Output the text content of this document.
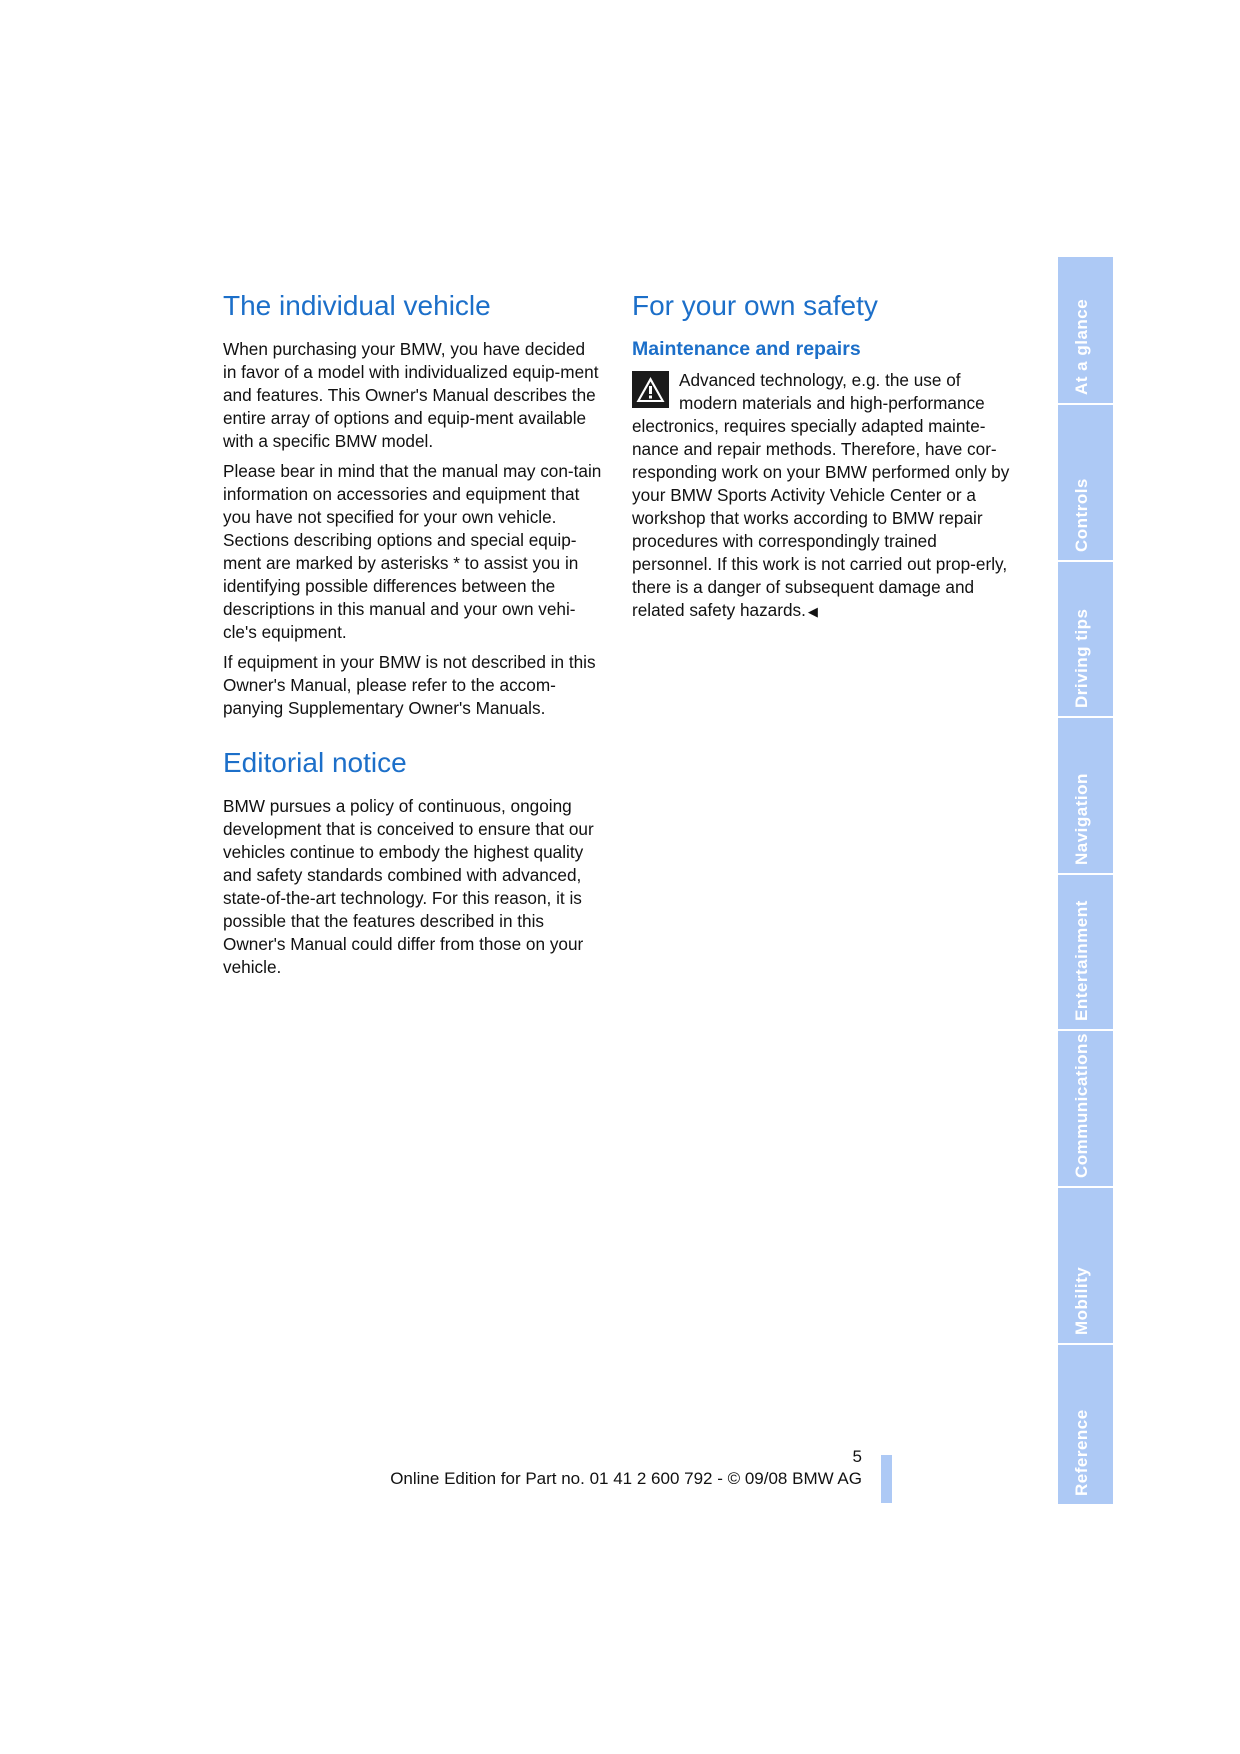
The individual vehicle

When purchasing your BMW, you have decided in favor of a model with individualized equip-ment and features. This Owner's Manual describes the entire array of options and equip-ment available with a specific BMW model.

Please bear in mind that the manual may con-tain information on accessories and equipment that you have not specified for your own vehicle. Sections describing options and special equip-ment are marked by asterisks * to assist you in identifying possible differences between the descriptions in this manual and your own vehi-cle's equipment.

If equipment in your BMW is not described in this Owner's Manual, please refer to the accom-panying Supplementary Owner's Manuals.

Editorial notice

BMW pursues a policy of continuous, ongoing development that is conceived to ensure that our vehicles continue to embody the highest quality and safety standards combined with advanced, state-of-the-art technology. For this reason, it is possible that the features described in this Owner's Manual could differ from those on your vehicle.

For your own safety
Maintenance and repairs

Advanced technology, e.g. the use of modern materials and high-performance electronics, requires specially adapted mainte-nance and repair methods. Therefore, have cor-responding work on your BMW performed only by your BMW Sports Activity Vehicle Center or a workshop that works according to BMW repair procedures with correspondingly trained personnel. If this work is not carried out prop-erly, there is a danger of subsequent damage and related safety hazards. ◀

At a glance
Controls
Driving tips
Navigation
Entertainment
Communications
Mobility
Reference
5
Online Edition for Part no. 01 41 2 600 792 - © 09/08 BMW AG
